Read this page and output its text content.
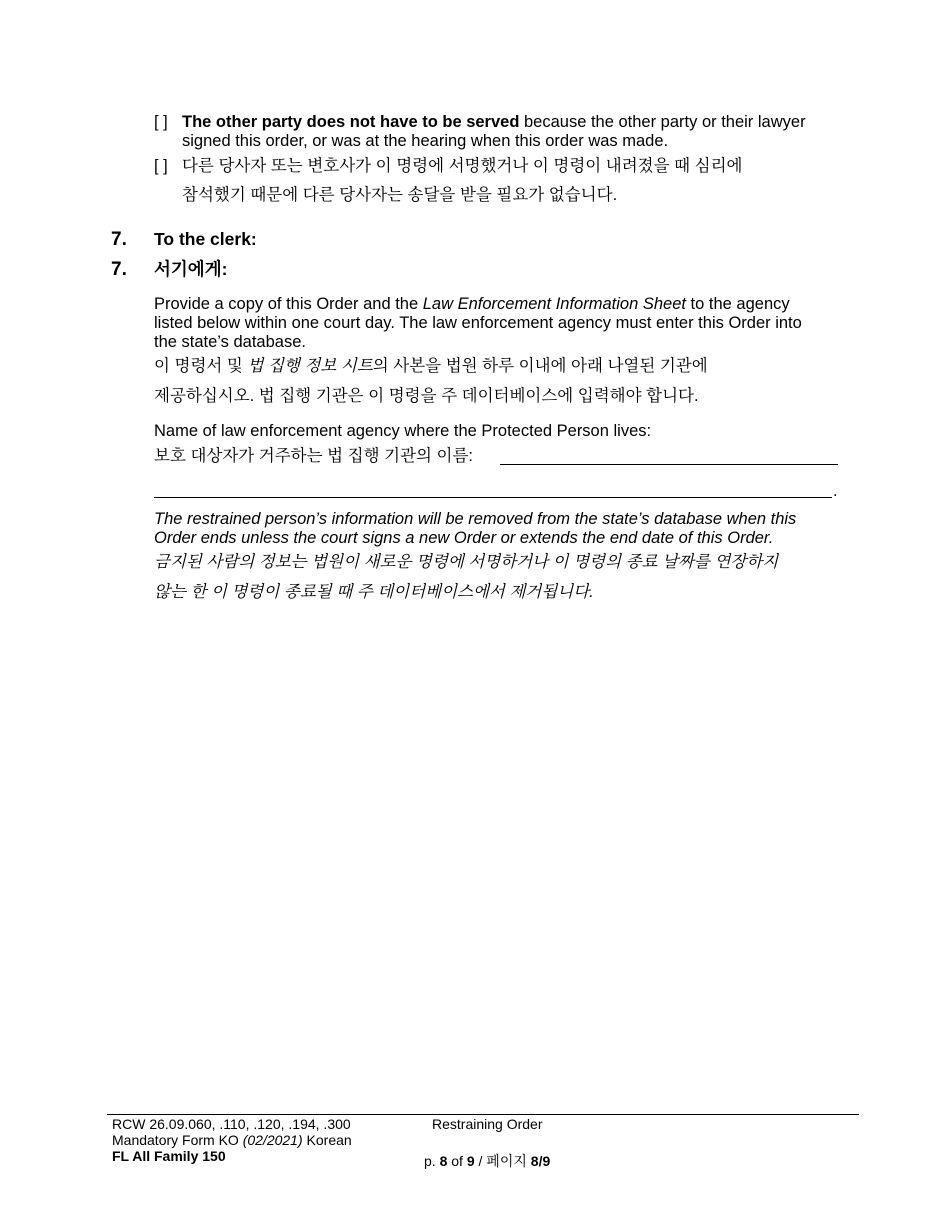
[ ] The other party does not have to be served because the other party or their lawyer
signed this order, or was at the hearing when this order was made.
[ ] 다른 당사자 또는 변호사가 이 명령에 서명했거나 이 명령이 내려졌을 때 심리에
참석했기 때문에 다른 당사자는 송달을 받을 필요가 없습니다.
7. To the clerk:
7. 서기에게:
Provide a copy of this Order and the Law Enforcement Information Sheet to the agency
listed below within one court day. The law enforcement agency must enter this Order into
the state’s database.
이 명령서 및 법 집행 정보 시트의 사본을 법원 하루 이내에 아래 나열된 기관에
제공하십시오. 법 집행 기관은 이 명령을 주 데이터베이스에 입력해야 합니다.
Name of law enforcement agency where the Protected Person lives:
보호 대상자가 거주하는 법 집행 기관의 이름:
.
The restrained person’s information will be removed from the state’s database when this
Order ends unless the court signs a new Order or extends the end date of this Order.
금지된 사람의 정보는 법원이 새로운 명령에 서명하거나 이 명령의 종료 날짜를 연장하지
않는 한 이 명령이 종료될 때 주 데이터베이스에서 제거됩니다.
RCW 26.09.060, .110, .120, .194, .300
Mandatory Form KO (02/2021) Korean
FL All Family 150
Restraining Order
p. 8 of 9 / 페이지 8/9
